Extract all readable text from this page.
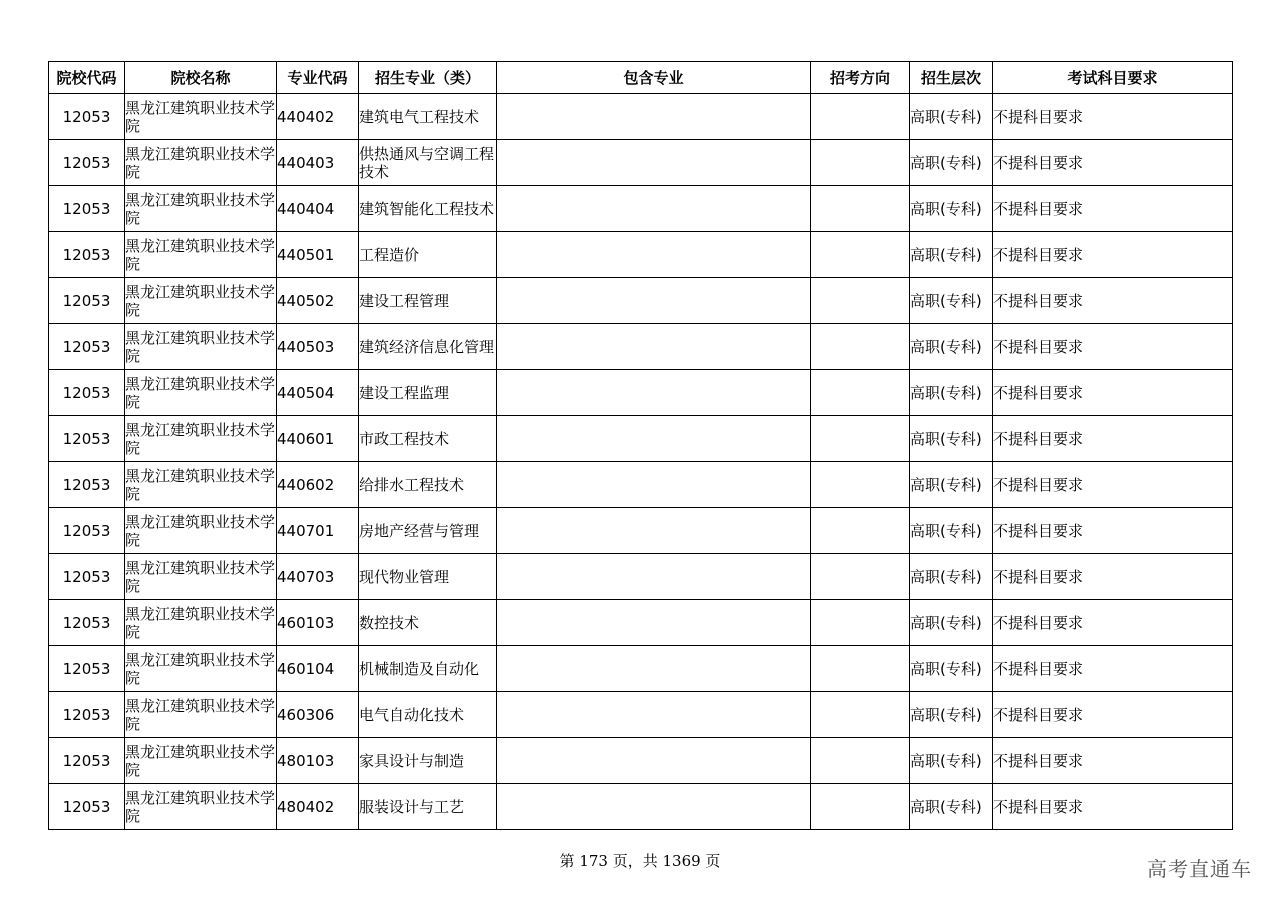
院校代码	院校名称	专业代码	招生专业（类）	包含专业	招考方向	招生层次	考试科目要求
12053	黑龙江建筑职业技术学院	440402	建筑电气工程技术			高职(专科)	不提科目要求
12053	黑龙江建筑职业技术学院	440403	供热通风与空调工程技术			高职(专科)	不提科目要求
12053	黑龙江建筑职业技术学院	440404	建筑智能化工程技术			高职(专科)	不提科目要求
12053	黑龙江建筑职业技术学院	440501	工程造价			高职(专科)	不提科目要求
12053	黑龙江建筑职业技术学院	440502	建设工程管理			高职(专科)	不提科目要求
12053	黑龙江建筑职业技术学院	440503	建筑经济信息化管理			高职(专科)	不提科目要求
12053	黑龙江建筑职业技术学院	440504	建设工程监理			高职(专科)	不提科目要求
12053	黑龙江建筑职业技术学院	440601	市政工程技术			高职(专科)	不提科目要求
12053	黑龙江建筑职业技术学院	440602	给排水工程技术			高职(专科)	不提科目要求
12053	黑龙江建筑职业技术学院	440701	房地产经营与管理			高职(专科)	不提科目要求
12053	黑龙江建筑职业技术学院	440703	现代物业管理			高职(专科)	不提科目要求
12053	黑龙江建筑职业技术学院	460103	数控技术			高职(专科)	不提科目要求
12053	黑龙江建筑职业技术学院	460104	机械制造及自动化			高职(专科)	不提科目要求
12053	黑龙江建筑职业技术学院	460306	电气自动化技术			高职(专科)	不提科目要求
12053	黑龙江建筑职业技术学院	480103	家具设计与制造			高职(专科)	不提科目要求
12053	黑龙江建筑职业技术学院	480402	服装设计与工艺			高职(专科)	不提科目要求
第 173 页，共 1369 页	高考直通车
